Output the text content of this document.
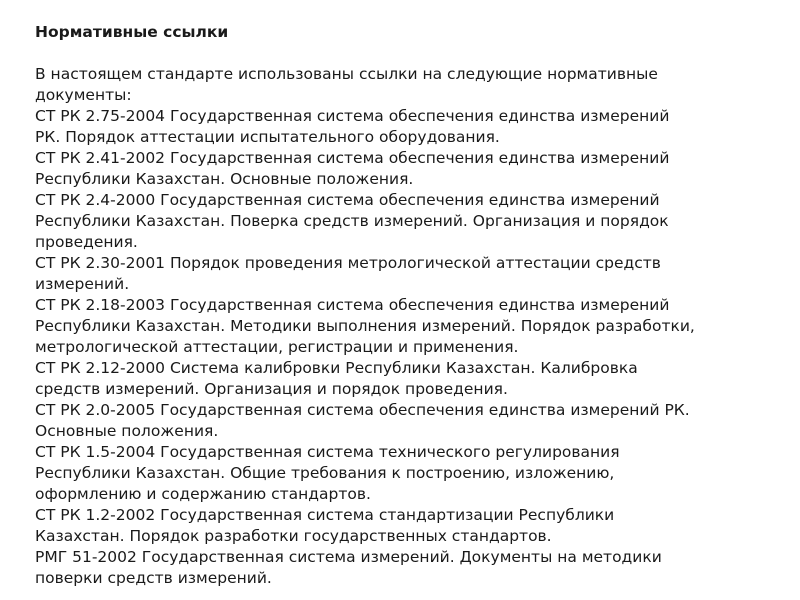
Нормативные ссылки
В настоящем стандарте использованы ссылки на следующие нормативные
документы:
СТ РК 2.75-2004 Государственная система обеспечения единства измерений
РК. Порядок аттестации испытательного оборудования.
СТ РК 2.41-2002 Государственная система обеспечения единства измерений
Республики Казахстан. Основные положения.
СТ РК 2.4-2000 Государственная система обеспечения единства измерений
Республики Казахстан. Поверка средств измерений. Организация и порядок
проведения.
СТ РК 2.30-2001 Порядок проведения метрологической аттестации средств
измерений.
СТ РК 2.18-2003 Государственная система обеспечения единства измерений
Республики Казахстан. Методики выполнения измерений. Порядок разработки,
метрологической аттестации, регистрации и применения.
СТ РК 2.12-2000 Система калибровки Республики Казахстан. Калибровка
средств измерений. Организация и порядок проведения.
СТ РК 2.0-2005 Государственная система обеспечения единства измерений РК.
Основные положения.
СТ РК 1.5-2004 Государственная система технического регулирования
Республики Казахстан. Общие требования к построению, изложению,
оформлению и содержанию стандартов.
СТ РК 1.2-2002 Государственная система стандартизации Республики
Казахстан. Порядок разработки государственных стандартов.
РМГ 51-2002 Государственная система измерений. Документы на методики
поверки средств измерений.
